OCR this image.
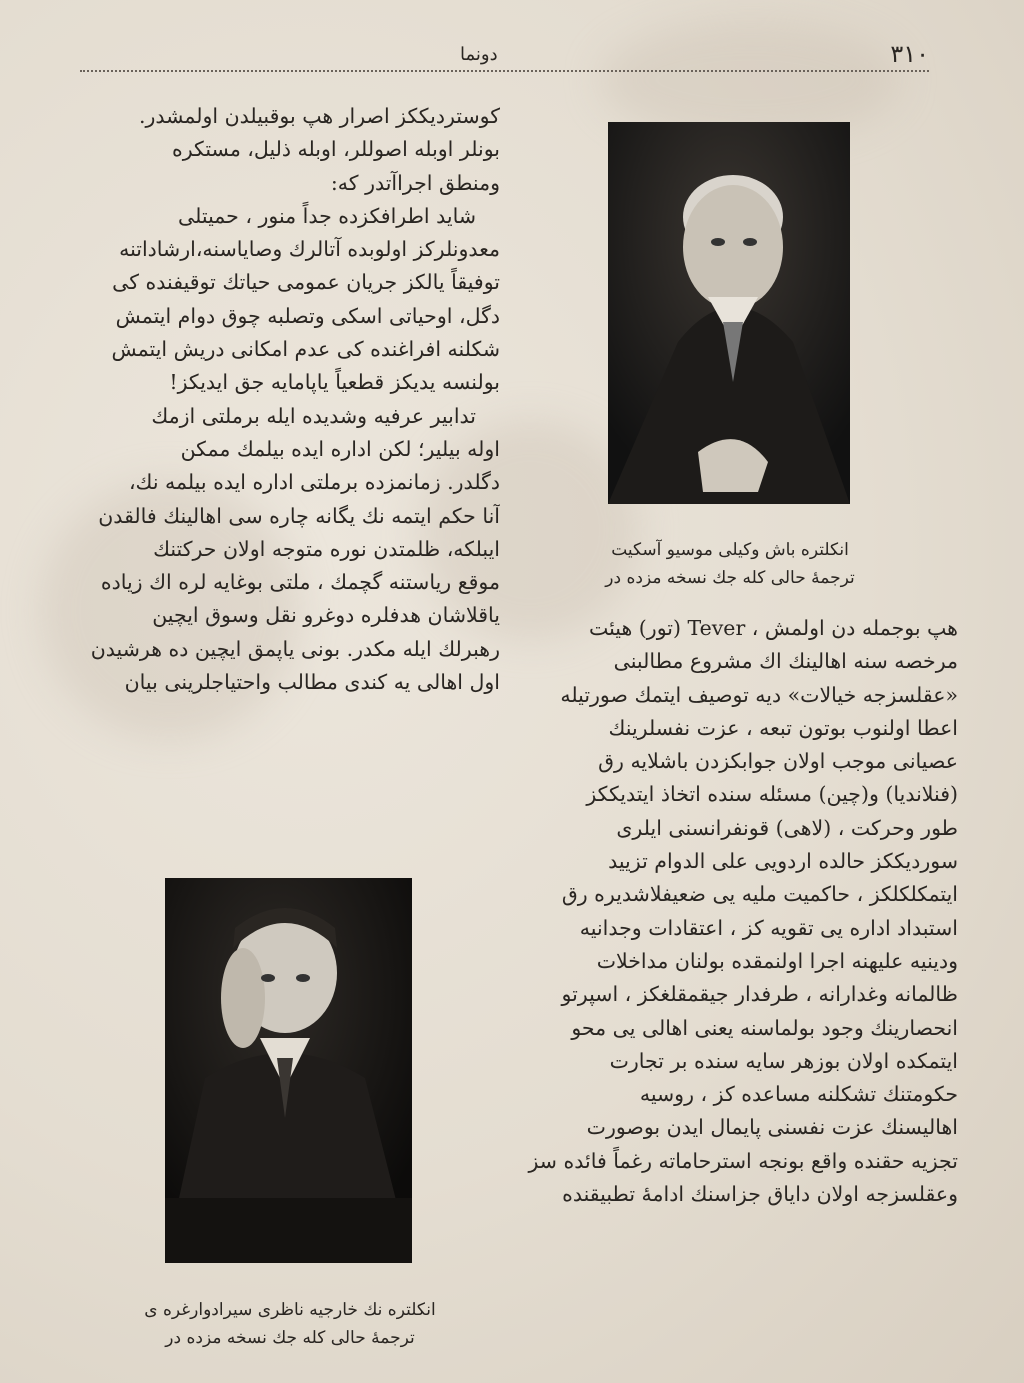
دونما	٣١٠
كوستردیككز اصرار هپ بوقبیلدن اولمشدر.
بونلر اوبله اصوللر، اوبله ذلیل، مستكره
ومنطق اجراآتدر كه:
شاید اطرافكزده جداً منور ، حمیتلی
معدونلركز اولوبده آتالرك وصایاسنه،ارشاداتنه
توفیقاً یالكز جریان عمومی حیاتك توقیفنده كی
دگل، اوحیاتی اسكی وتصلبه چوق دوام ایتمش
شكلنه افراغنده كی عدم امكانی دریش ایتمش
بولنسه یدیكز قطعیاً یاپامایه جق ایدیكز!
تدابیر عرفیه وشدیده ایله برملتی ازمك
اوله بیلیر؛ لكن اداره ایده بیلمك ممكن
دگلدر. زمانمزده برملتی اداره ایده بیلمه نك،
آنا حكم ایتمه نك یگانه چاره سی اهالینك فالقدن
ایبلكه، ظلمتدن نوره متوجه اولان حركتنك
موقع ریاستنه گچمك ، ملتی بوغایه لره اك زیاده
یاقلاشان هدفلره دوغرو نقل وسوق ایچین
رهبرلك ایله مكدر. بونی یاپمق ایچین ده هرشیدن
اول اهالی یه كندی مطالب واحتیاجلرینی بیان
انكلتره باش وكیلی موسیو آسكیت
ترجمهٔ حالی كله جك نسخه مزده در
هپ بوجمله دن اولمش ، Tever (تور) هیئت
مرخصه سنه اهالینك اك مشروع مطالبنی
«عقلسزجه خیالات» دیه توصیف ایتمك صورتیله
اعطا اولنوب بوتون تبعه ، عزت نفسلرینك
عصیانی موجب اولان جوابكزدن باشلایه رق
(فنلاندیا) و(چین) مسئله سنده اتخاذ ایتدیككز
طور وحركت ، (لاهی) قونفرانسنی ایلری
سوردیككز حالده اردویی علی الدوام تزیید
ایتمكلكلكز ، حاكمیت ملیه یی ضعیفلاشدیره رق
استبداد اداره یی تقویه كز ، اعتقادات وجدانیه
ودینیه علیهنه اجرا اولنمقده بولنان مداخلات
ظالمانه وغدارانه ، طرفدار جیقمقلغكز ، اسپرتو
انحصارینك وجود بولماسنه یعنی اهالی یی محو
ایتمكده اولان بوزهر سایه سنده بر تجارت
حكومتنك تشكلنه مساعده كز ، روسیه
اهالیسنك عزت نفسنی پایمال ایدن بوصورت
تجزیه حقنده واقع بونجه استرحاماته رغماً فائده سز
وعقلسزجه اولان دایاق جزاسنك ادامهٔ تطبیقنده
انكلتره نك خارجیه ناظری سیرادوارغره ی
ترجمهٔ حالی كله جك نسخه مزده در
